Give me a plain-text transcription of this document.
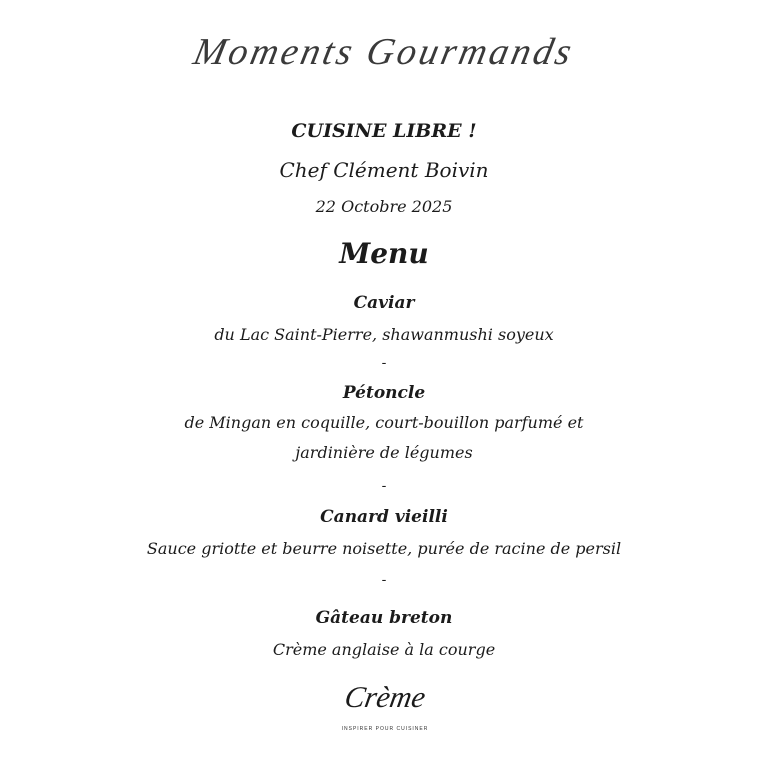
Moments Gourmands
CUISINE LIBRE !
Chef Clément Boivin
22 Octobre 2025
Menu
Caviar
du Lac Saint-Pierre, shawanmushi soyeux
-
Pétoncle
de Mingan en coquille, court-bouillon parfumé et
jardinière de légumes
-
Canard vieilli
Sauce griotte et beurre noisette, purée de racine de persil
-
Gâteau breton
Crème anglaise à la courge
Crème
INSPIRER POUR CUISINER
